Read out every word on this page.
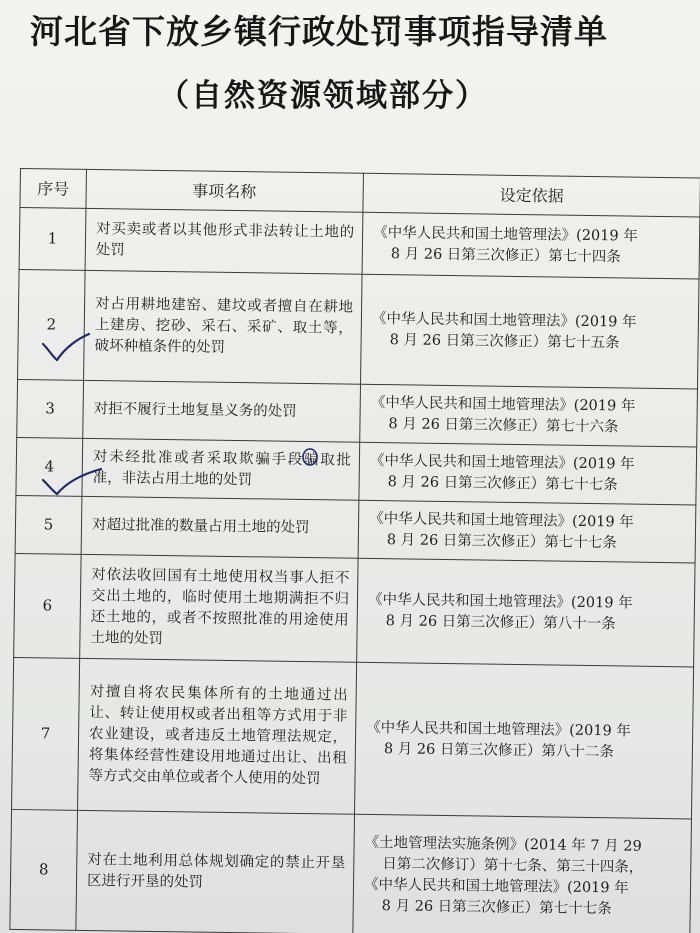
河北省下放乡镇行政处罚事项指导清单
（自然资源领域部分）
序号	事项名称	设定依据
1	对买卖或者以其他形式非法转让土地的处罚	《中华人民共和国土地管理法》(2019 年
8 月 26 日第三次修正）第七十四条

2	对占用耕地建窑、建坟或者擅自在耕地上建房、挖砂、采石、采矿、取土等，破坏种植条件的处罚	《中华人民共和国土地管理法》(2019 年
8 月 26 日第三次修正）第七十五条

3	对拒不履行土地复垦义务的处罚	《中华人民共和国土地管理法》(2019 年
8 月 26 日第三次修正）第七十六条

4	对未经批准或者采取欺骗手段骗取批准，非法占用土地的处罚	《中华人民共和国土地管理法》(2019 年
8 月 26 日第三次修正）第七十七条

5	对超过批准的数量占用土地的处罚	《中华人民共和国土地管理法》(2019 年
8 月 26 日第三次修正）第七十七条

6	对依法收回国有土地使用权当事人拒不交出土地的，临时使用土地期满拒不归还土地的，或者不按照批准的用途使用土地的处罚	《中华人民共和国土地管理法》(2019 年
8 月 26 日第三次修正）第八十一条

7	对擅自将农民集体所有的土地通过出让、转让使用权或者出租等方式用于非农业建设，或者违反土地管理法规定，将集体经营性建设用地通过出让、出租等方式交由单位或者个人使用的处罚	《中华人民共和国土地管理法》(2019 年
8 月 26 日第三次修正）第八十二条

8	对在土地利用总体规划确定的禁止开垦区进行开垦的处罚	《土地管理法实施条例》(2014 年 7 月 29
日第二次修订）第十七条、第三十四条，
《中华人民共和国土地管理法》(2019 年
8 月 26 日第三次修正）第七十七条
